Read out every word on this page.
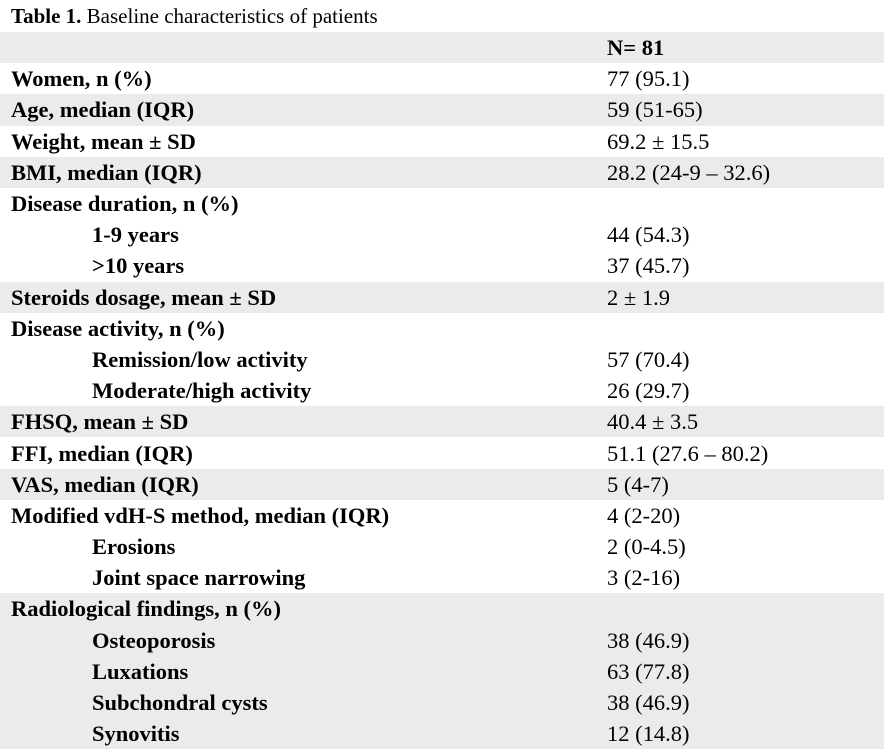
Table 1. Baseline characteristics of patients
	N= 81
Women, n (%)	77 (95.1)
Age, median (IQR)	59 (51-65)
Weight, mean ± SD	69.2 ± 15.5
BMI, median (IQR)	28.2 (24-9 – 32.6)
Disease duration, n (%)	
1-9 years	44 (54.3)
>10 years	37 (45.7)
Steroids dosage, mean ± SD	2 ± 1.9
Disease activity, n (%)	
Remission/low activity	57 (70.4)
Moderate/high activity	26 (29.7)
FHSQ, mean ± SD	40.4 ± 3.5
FFI, median (IQR)	51.1 (27.6 – 80.2)
VAS, median (IQR)	5 (4-7)
Modified vdH-S method, median (IQR)	4 (2-20)
Erosions	2 (0-4.5)
Joint space narrowing	3 (2-16)
Radiological findings, n (%)	
Osteoporosis	38 (46.9)
Luxations	63 (77.8)
Subchondral cysts	38 (46.9)
Synovitis	12 (14.8)
